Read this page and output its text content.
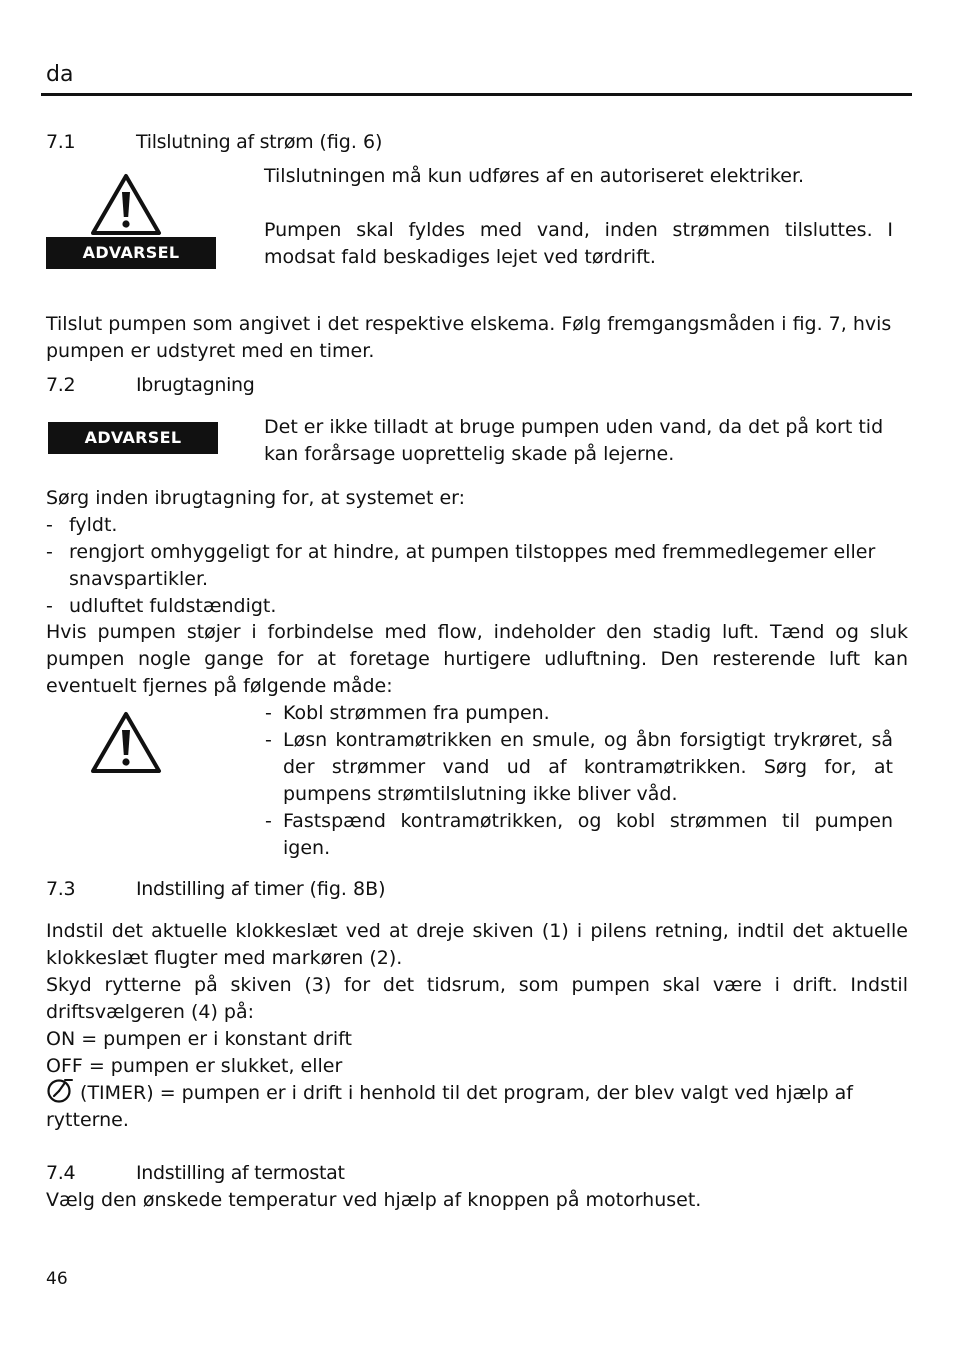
da
7.1	Tilslutning af strøm (fig. 6)
ADVARSEL
Tilslutningen må kun udføres af en autoriseret elektriker.
Pumpen skal fyldes med vand, inden strømmen tilsluttes. I modsat fald beskadiges lejet ved tørdrift.
Tilslut pumpen som angivet i det respektive elskema. Følg fremgangsmåden i fig. 7, hvis pumpen er udstyret med en timer.
7.2	Ibrugtagning
ADVARSEL	Det er ikke tilladt at bruge pumpen uden vand, da det på kort tid kan forårsage uoprettelig skade på lejerne.
Sørg inden ibrugtagning for, at systemet er:
- fyldt.
- rengjort omhyggeligt for at hindre, at pumpen tilstoppes med fremmedlegemer eller snavspartikler.
- udluftet fuldstændigt.
Hvis pumpen støjer i forbindelse med flow, indeholder den stadig luft. Tænd og sluk pumpen nogle gange for at foretage hurtigere udluftning. Den resterende luft kan eventuelt fjernes på følgende måde:
- Kobl strømmen fra pumpen.
- Løsn kontramøtrikken en smule, og åbn forsigtigt trykrøret, så der strømmer vand ud af kontramøtrikken. Sørg for, at pumpens strømtilslutning ikke bliver våd.
- Fastspænd kontramøtrikken, og kobl strømmen til pumpen igen.
7.3	Indstilling af timer (fig. 8B)
Indstil det aktuelle klokkeslæt ved at dreje skiven (1) i pilens retning, indtil det aktuelle klokkeslæt flugter med markøren (2).
Skyd rytterne på skiven (3) for det tidsrum, som pumpen skal være i drift. Indstil driftsvælgeren (4) på:
ON = pumpen er i konstant drift
OFF = pumpen er slukket, eller
(TIMER) = pumpen er i drift i henhold til det program, der blev valgt ved hjælp af rytterne.
7.4	Indstilling af termostat
Vælg den ønskede temperatur ved hjælp af knoppen på motorhuset.
46
